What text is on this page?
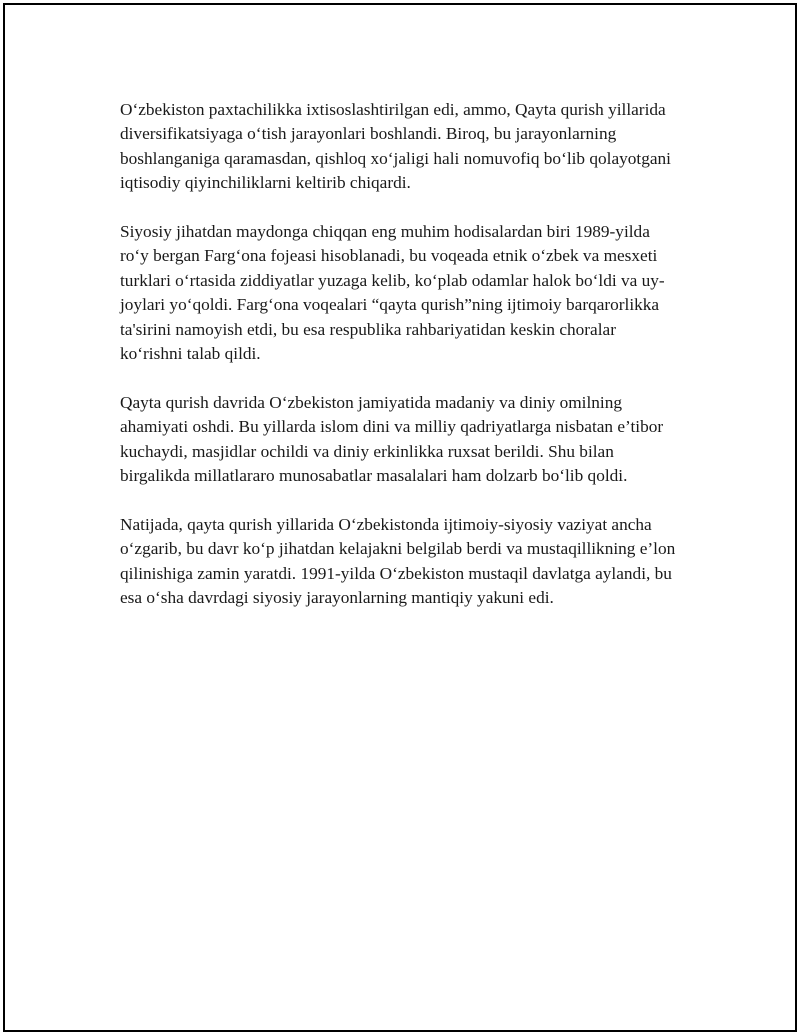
O‘zbekiston paxtachilikka ixtisoslashtirilgan edi, ammo, Qayta qurish yillarida diversifikatsiyaga o‘tish jarayonlari boshlandi. Biroq, bu jarayonlarning boshlanganiga qaramasdan, qishloq xo‘jaligi hali nomuvofiq bo‘lib qolayotgani iqtisodiy qiyinchiliklarni keltirib chiqardi.

Siyosiy jihatdan maydonga chiqqan eng muhim hodisalardan biri 1989-yilda ro‘y bergan Farg‘ona fojeasi hisoblanadi, bu voqeada etnik o‘zbek va mesxeti turklari o‘rtasida ziddiyatlar yuzaga kelib, ko‘plab odamlar halok bo‘ldi va uy-joylari yo‘qoldi. Farg‘ona voqealari “qayta qurish”ning ijtimoiy barqarorlikka ta'sirini namoyish etdi, bu esa respublika rahbariyatidan keskin choralar ko‘rishni talab qildi.

Qayta qurish davrida O‘zbekiston jamiyatida madaniy va diniy omilning ahamiyati oshdi. Bu yillarda islom dini va milliy qadriyatlarga nisbatan e’tibor kuchaydi, masjidlar ochildi va diniy erkinlikka ruxsat berildi. Shu bilan birgalikda millatlararo munosabatlar masalalari ham dolzarb bo‘lib qoldi.

Natijada, qayta qurish yillarida O‘zbekistonda ijtimoiy-siyosiy vaziyat ancha o‘zgarib, bu davr ko‘p jihatdan kelajakni belgilab berdi va mustaqillikning e’lon qilinishiga zamin yaratdi. 1991-yilda O‘zbekiston mustaqil davlatga aylandi, bu esa o‘sha davrdagi siyosiy jarayonlarning mantiqiy yakuni edi.
